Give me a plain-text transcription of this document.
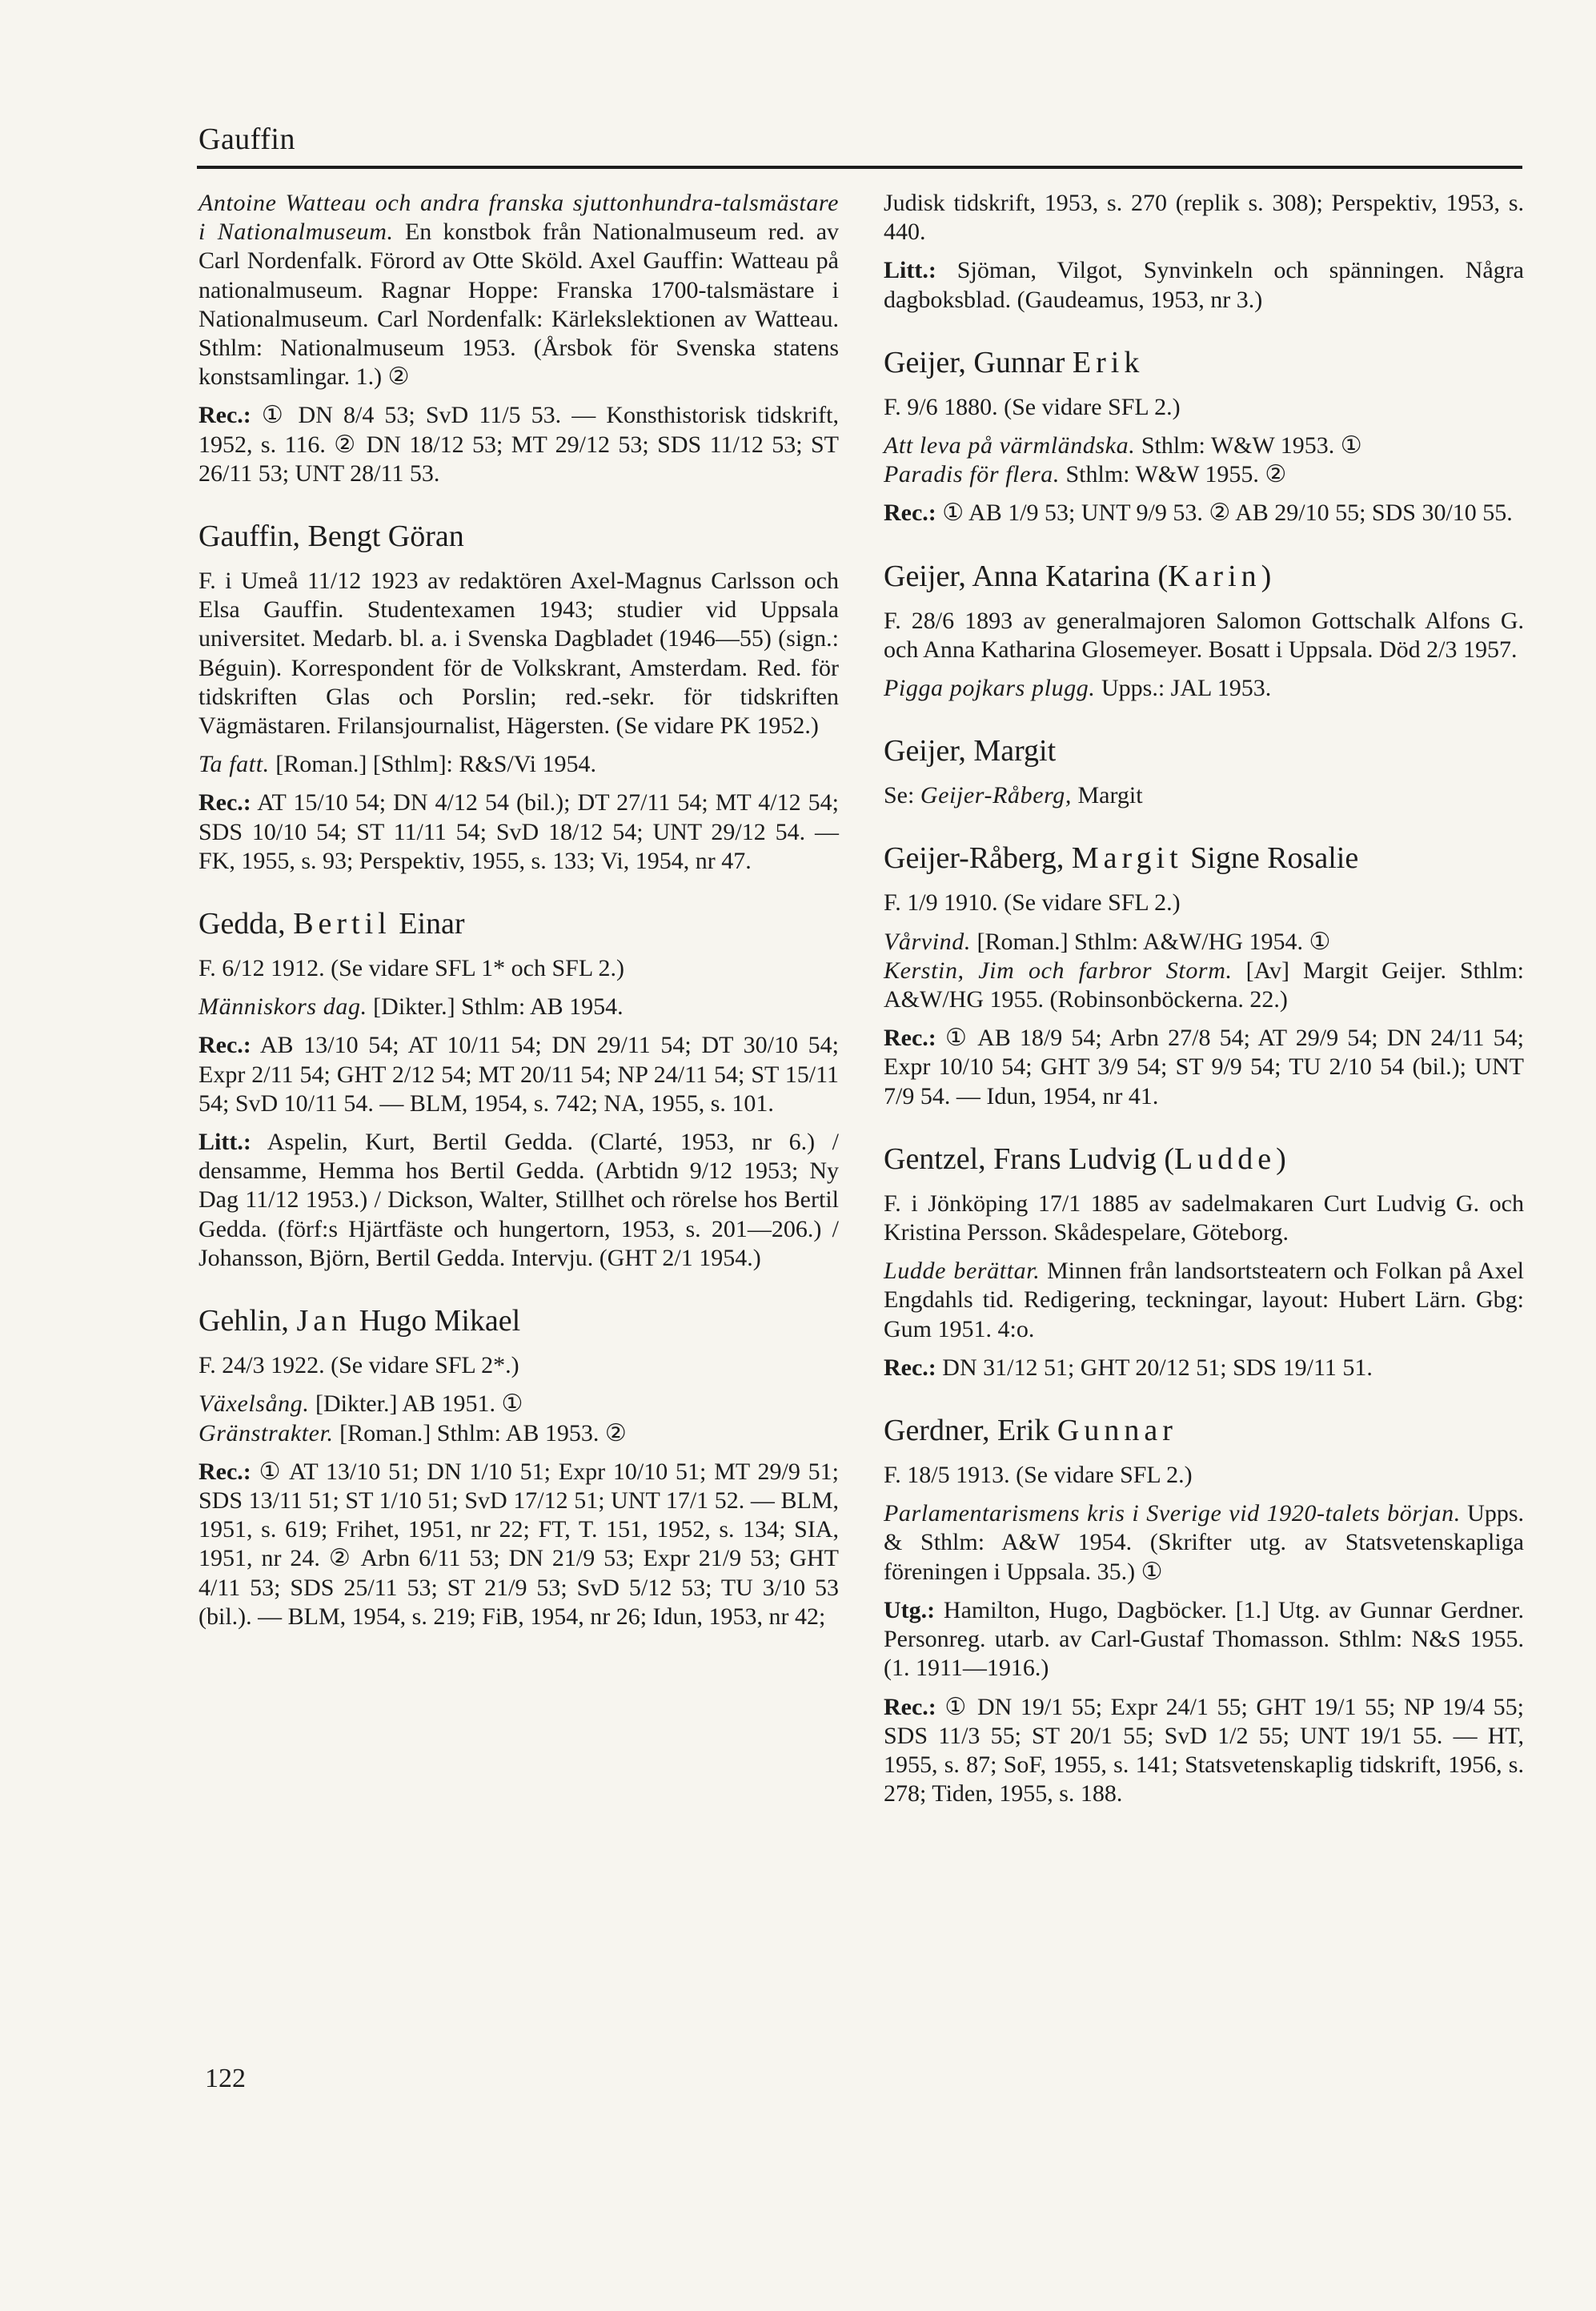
Gauffin

Antoine Watteau och andra franska sjuttonhundra-talsmästare i Nationalmuseum. En konstbok från Nationalmuseum red. av Carl Nordenfalk. Förord av Otte Sköld. Axel Gauffin: Watteau på nationalmuseum. Ragnar Hoppe: Franska 1700-talsmästare i Nationalmuseum. Carl Nordenfalk: Kärlekslektionen av Watteau. Sthlm: Nationalmuseum 1953. (Årsbok för Svenska statens konstsamlingar. 1.) ②

Rec.: ① DN 8/4 53; SvD 11/5 53. — Konsthistorisk tidskrift, 1952, s. 116. ② DN 18/12 53; MT 29/12 53; SDS 11/12 53; ST 26/11 53; UNT 28/11 53.

Gauffin, Bengt Göran

F. i Umeå 11/12 1923 av redaktören Axel-Magnus Carlsson och Elsa Gauffin. Studentexamen 1943; studier vid Uppsala universitet. Medarb. bl. a. i Svenska Dagbladet (1946—55) (sign.: Béguin). Korrespondent för de Volkskrant, Amsterdam. Red. för tidskriften Glas och Porslin; red.-sekr. för tidskriften Vägmästaren. Frilansjournalist, Hägersten. (Se vidare PK 1952.)

Ta fatt. [Roman.] [Sthlm]: R&S/Vi 1954.

Rec.: AT 15/10 54; DN 4/12 54 (bil.); DT 27/11 54; MT 4/12 54; SDS 10/10 54; ST 11/11 54; SvD 18/12 54; UNT 29/12 54. — FK, 1955, s. 93; Perspektiv, 1955, s. 133; Vi, 1954, nr 47.

Gedda, Bertil Einar

F. 6/12 1912. (Se vidare SFL 1* och SFL 2.)

Människors dag. [Dikter.] Sthlm: AB 1954.

Rec.: AB 13/10 54; AT 10/11 54; DN 29/11 54; DT 30/10 54; Expr 2/11 54; GHT 2/12 54; MT 20/11 54; NP 24/11 54; ST 15/11 54; SvD 10/11 54. — BLM, 1954, s. 742; NA, 1955, s. 101.

Litt.: Aspelin, Kurt, Bertil Gedda. (Clarté, 1953, nr 6.) / densamme, Hemma hos Bertil Gedda. (Arbtidn 9/12 1953; Ny Dag 11/12 1953.) / Dickson, Walter, Stillhet och rörelse hos Bertil Gedda. (förf:s Hjärtfäste och hungertorn, 1953, s. 201—206.) / Johansson, Björn, Bertil Gedda. Intervju. (GHT 2/1 1954.)

Gehlin, Jan Hugo Mikael

F. 24/3 1922. (Se vidare SFL 2*.)

Växelsång. [Dikter.] AB 1951. ①

Gränstrakter. [Roman.] Sthlm: AB 1953. ②

Rec.: ① AT 13/10 51; DN 1/10 51; Expr 10/10 51; MT 29/9 51; SDS 13/11 51; ST 1/10 51; SvD 17/12 51; UNT 17/1 52. — BLM, 1951, s. 619; Frihet, 1951, nr 22; FT, T. 151, 1952, s. 134; SIA, 1951, nr 24. ② Arbn 6/11 53; DN 21/9 53; Expr 21/9 53; GHT 4/11 53; SDS 25/11 53; ST 21/9 53; SvD 5/12 53; TU 3/10 53 (bil.). — BLM, 1954, s. 219; FiB, 1954, nr 26; Idun, 1953, nr 42;

Judisk tidskrift, 1953, s. 270 (replik s. 308); Perspektiv, 1953, s. 440.

Litt.: Sjöman, Vilgot, Synvinkeln och spänningen. Några dagboksblad. (Gaudeamus, 1953, nr 3.)

Geijer, Gunnar Erik

F. 9/6 1880. (Se vidare SFL 2.)

Att leva på värmländska. Sthlm: W&W 1953. ①

Paradis för flera. Sthlm: W&W 1955. ②

Rec.: ① AB 1/9 53; UNT 9/9 53. ② AB 29/10 55; SDS 30/10 55.

Geijer, Anna Katarina (Karin)

F. 28/6 1893 av generalmajoren Salomon Gottschalk Alfons G. och Anna Katharina Glosemeyer. Bosatt i Uppsala. Död 2/3 1957.

Pigga pojkars plugg. Upps.: JAL 1953.

Geijer, Margit

Se: Geijer-Råberg, Margit

Geijer-Råberg, Margit Signe Rosalie

F. 1/9 1910. (Se vidare SFL 2.)

Vårvind. [Roman.] Sthlm: A&W/HG 1954. ①

Kerstin, Jim och farbror Storm. [Av] Margit Geijer. Sthlm: A&W/HG 1955. (Robinsonböckerna. 22.)

Rec.: ① AB 18/9 54; Arbn 27/8 54; AT 29/9 54; DN 24/11 54; Expr 10/10 54; GHT 3/9 54; ST 9/9 54; TU 2/10 54 (bil.); UNT 7/9 54. — Idun, 1954, nr 41.

Gentzel, Frans Ludvig (Ludde)

F. i Jönköping 17/1 1885 av sadelmakaren Curt Ludvig G. och Kristina Persson. Skådespelare, Göteborg.

Ludde berättar. Minnen från landsortsteatern och Folkan på Axel Engdahls tid. Redigering, teckningar, layout: Hubert Lärn. Gbg: Gum 1951. 4:o.

Rec.: DN 31/12 51; GHT 20/12 51; SDS 19/11 51.

Gerdner, Erik Gunnar

F. 18/5 1913. (Se vidare SFL 2.)

Parlamentarismens kris i Sverige vid 1920-talets början. Upps. & Sthlm: A&W 1954. (Skrifter utg. av Statsvetenskapliga föreningen i Uppsala. 35.) ①

Utg.: Hamilton, Hugo, Dagböcker. [1.] Utg. av Gunnar Gerdner. Personreg. utarb. av Carl-Gustaf Thomasson. Sthlm: N&S 1955. (1. 1911—1916.)

Rec.: ① DN 19/1 55; Expr 24/1 55; GHT 19/1 55; NP 19/4 55; SDS 11/3 55; ST 20/1 55; SvD 1/2 55; UNT 19/1 55. — HT, 1955, s. 87; SoF, 1955, s. 141; Statsvetenskaplig tidskrift, 1956, s. 278; Tiden, 1955, s. 188.

122
